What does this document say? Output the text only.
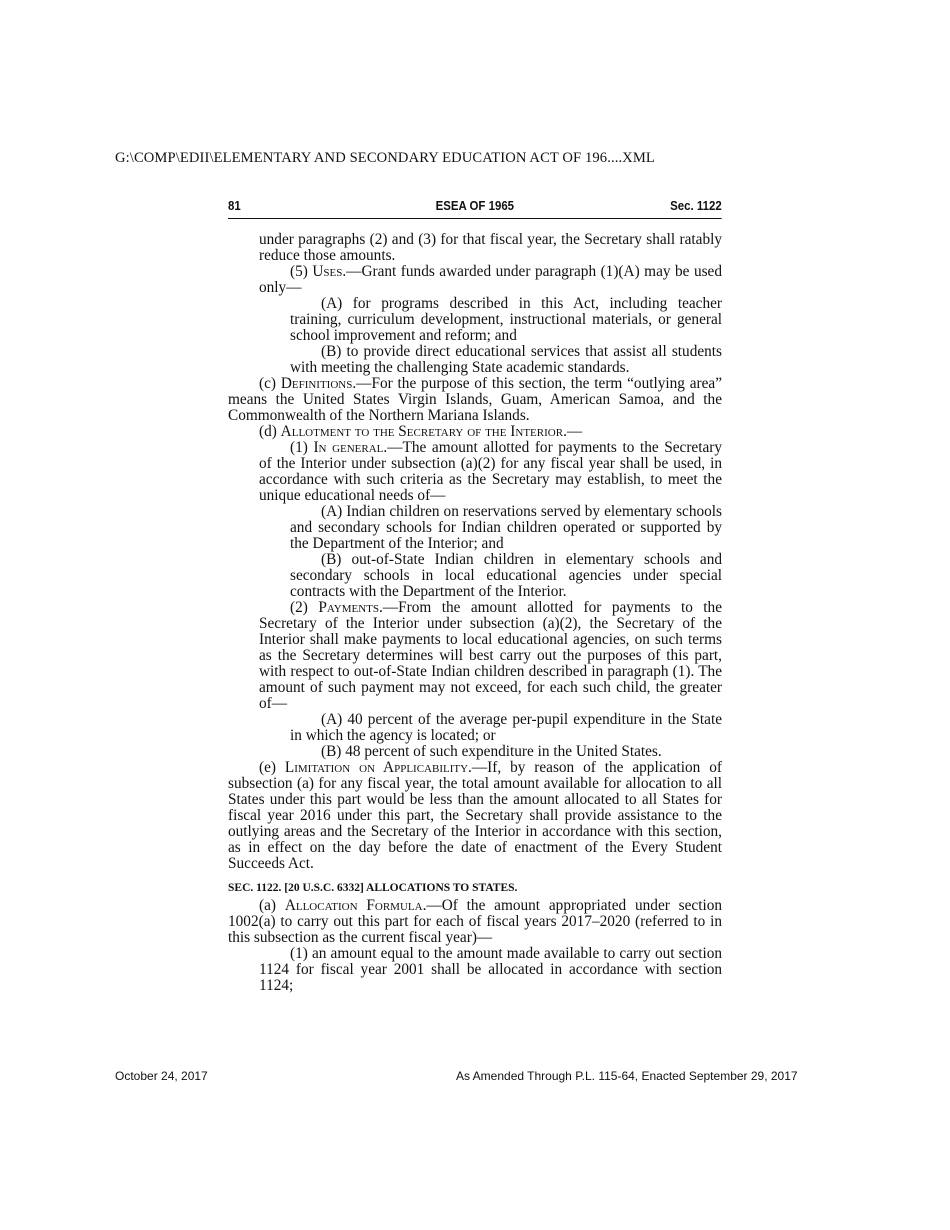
G:\COMP\EDII\ELEMENTARY AND SECONDARY EDUCATION ACT OF 196....XML
ESEA OF 1965
81	Sec. 1122

under paragraphs (2) and (3) for that fiscal year, the Secretary shall ratably reduce those amounts.

(5) Uses.—Grant funds awarded under paragraph (1)(A) may be used only—

(A) for programs described in this Act, including teacher training, curriculum development, instructional materials, or general school improvement and reform; and

(B) to provide direct educational services that assist all students with meeting the challenging State academic standards.

(c) Definitions.—For the purpose of this section, the term “outlying area” means the United States Virgin Islands, Guam, American Samoa, and the Commonwealth of the Northern Mariana Islands.

(d) Allotment to the Secretary of the Interior.—

(1) In general.—The amount allotted for payments to the Secretary of the Interior under subsection (a)(2) for any fiscal year shall be used, in accordance with such criteria as the Secretary may establish, to meet the unique educational needs of—

(A) Indian children on reservations served by elementary schools and secondary schools for Indian children operated or supported by the Department of the Interior; and

(B) out-of-State Indian children in elementary schools and secondary schools in local educational agencies under special contracts with the Department of the Interior.

(2) Payments.—From the amount allotted for payments to the Secretary of the Interior under subsection (a)(2), the Secretary of the Interior shall make payments to local educational agencies, on such terms as the Secretary determines will best carry out the purposes of this part, with respect to out-of-State Indian children described in paragraph (1). The amount of such payment may not exceed, for each such child, the greater of—

(A) 40 percent of the average per-pupil expenditure in the State in which the agency is located; or

(B) 48 percent of such expenditure in the United States.

(e) Limitation on Applicability.—If, by reason of the application of subsection (a) for any fiscal year, the total amount available for allocation to all States under this part would be less than the amount allocated to all States for fiscal year 2016 under this part, the Secretary shall provide assistance to the outlying areas and the Secretary of the Interior in accordance with this section, as in effect on the day before the date of enactment of the Every Student Succeeds Act.

SEC. 1122. [20 U.S.C. 6332] ALLOCATIONS TO STATES.

(a) Allocation Formula.—Of the amount appropriated under section 1002(a) to carry out this part for each of fiscal years 2017–2020 (referred to in this subsection as the current fiscal year)—

(1) an amount equal to the amount made available to carry out section 1124 for fiscal year 2001 shall be allocated in accordance with section 1124;

October 24, 2017	As Amended Through P.L. 115-64, Enacted September 29, 2017
